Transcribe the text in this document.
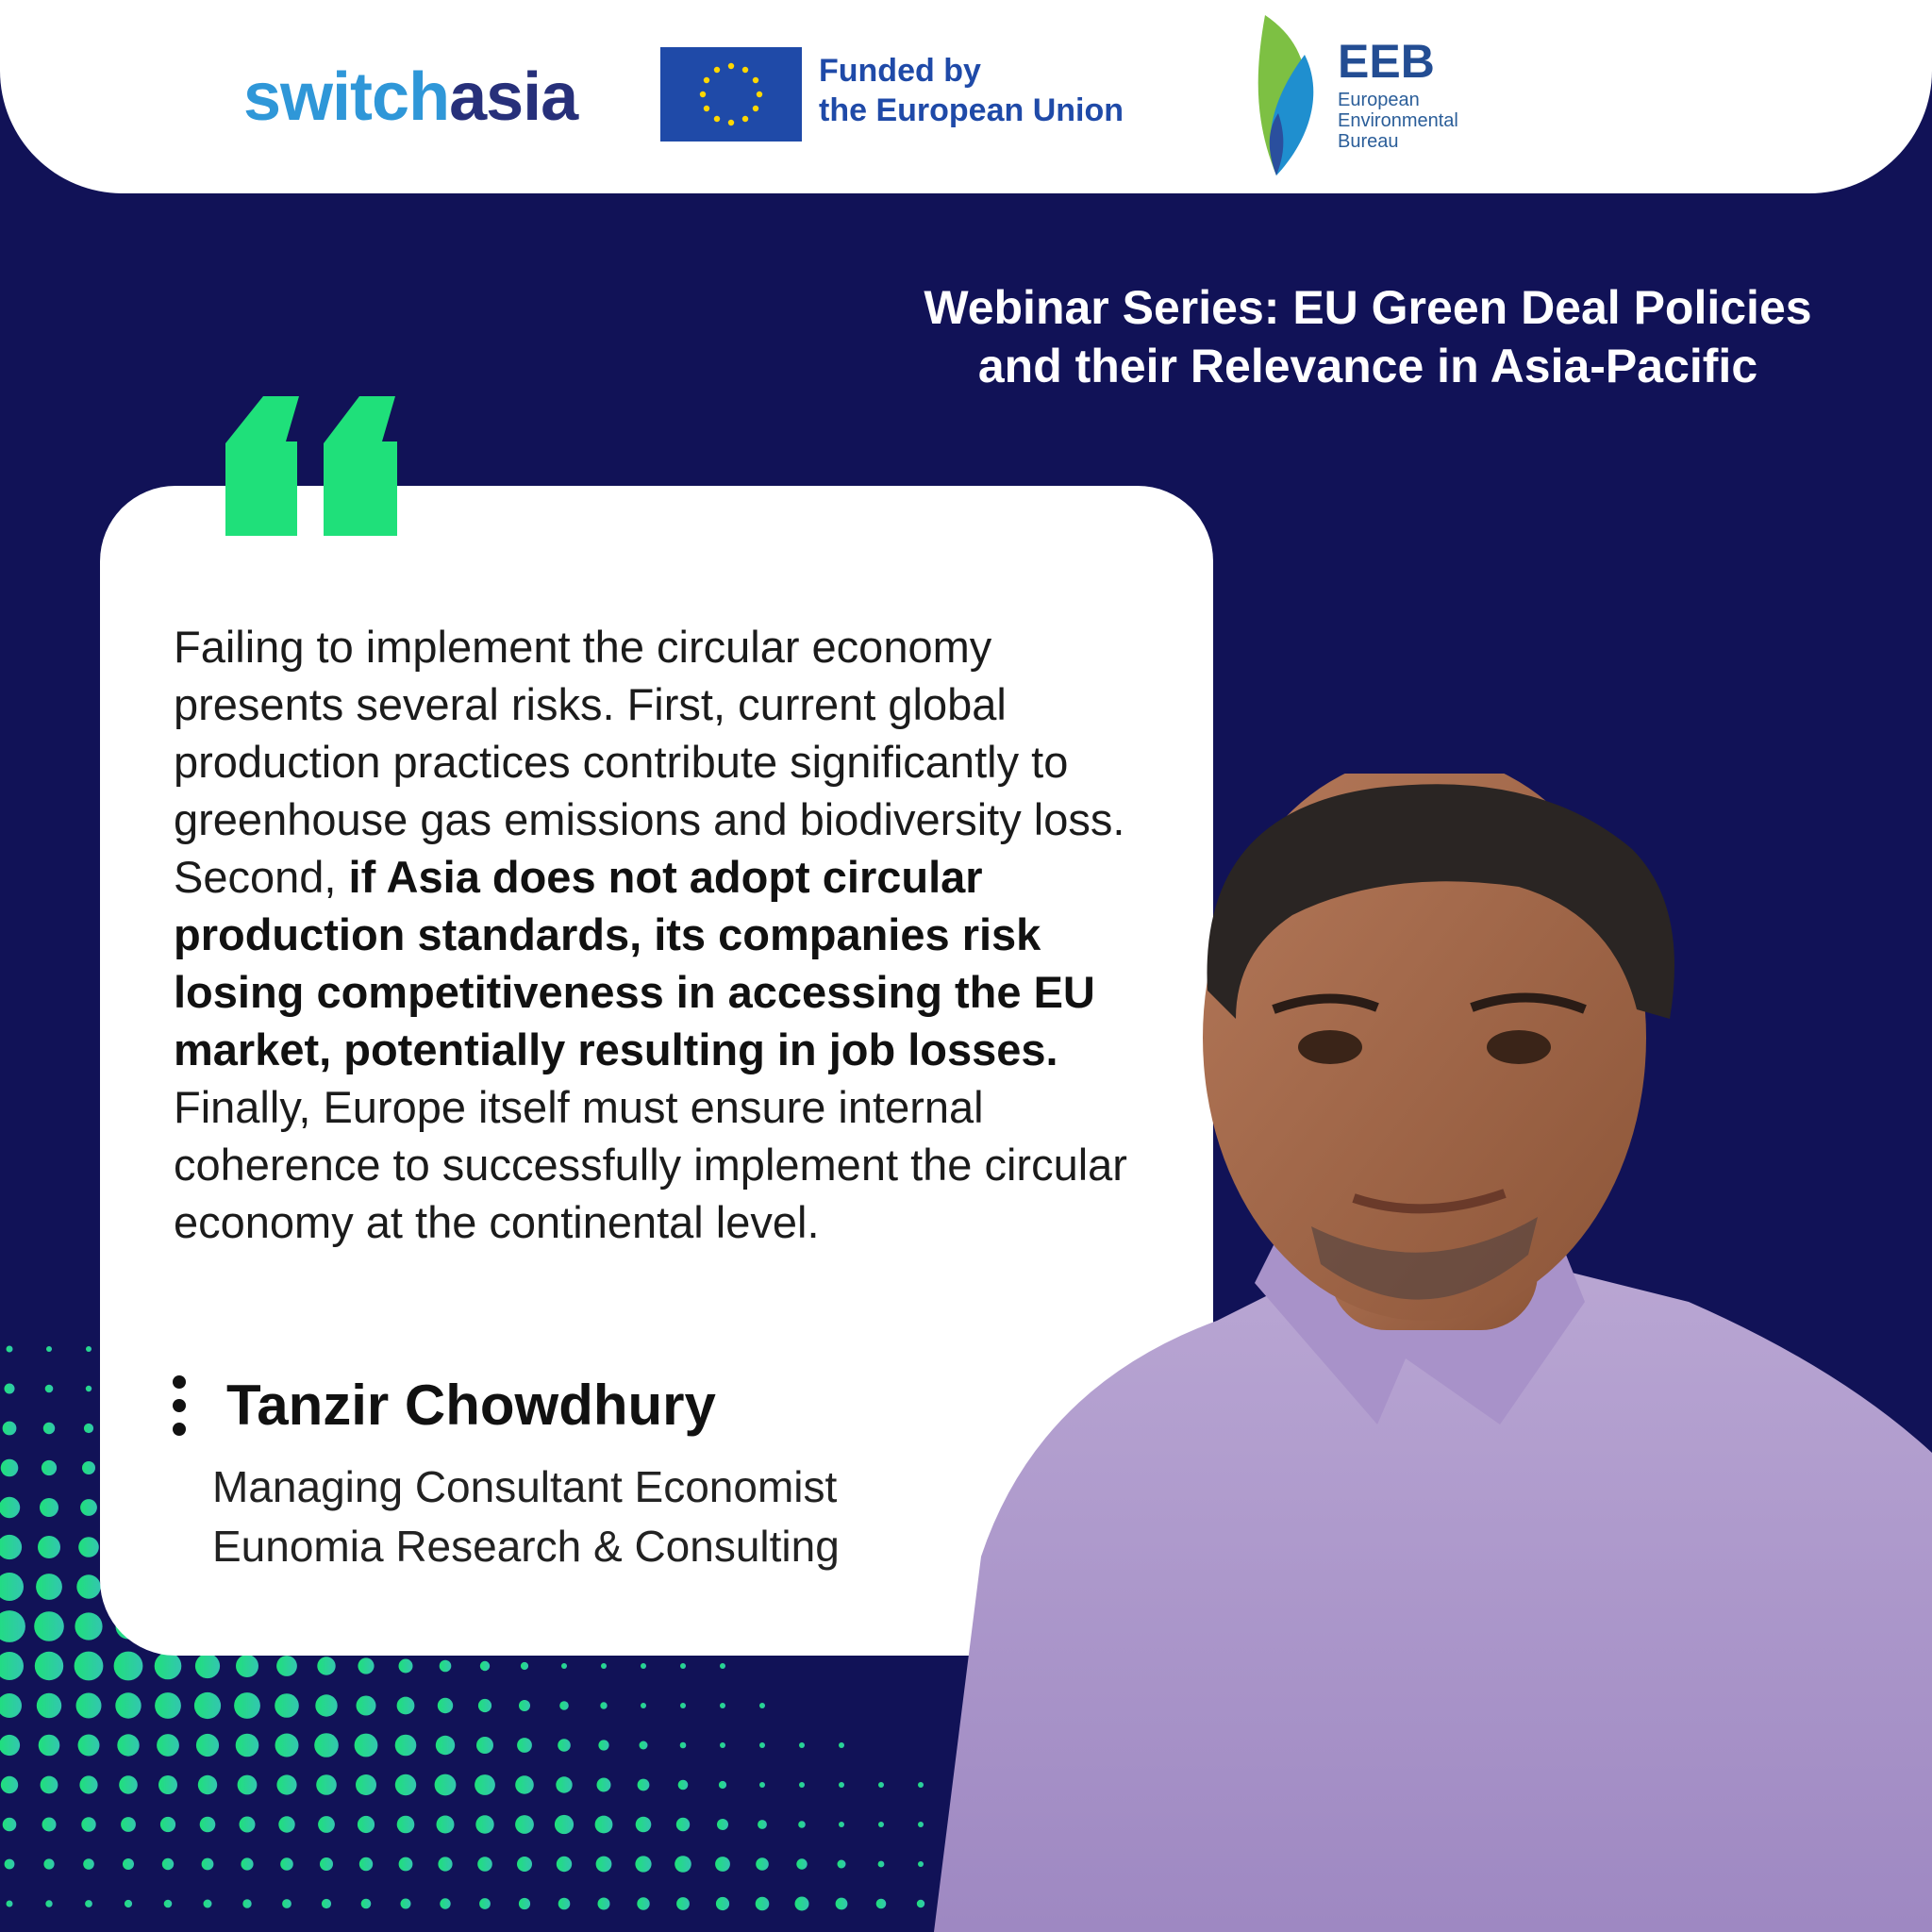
switchasia	Funded by
the European Union
EEB
European
Environmental
Bureau
Webinar Series: EU Green Deal Policies
and their Relevance in Asia-Pacific
Failing to implement the circular economy presents several risks. First, current global production practices contribute significantly to greenhouse gas emissions and biodiversity loss. Second, if Asia does not adopt circular production standards, its companies risk losing competitiveness in accessing the EU market, potentially resulting in job losses. Finally, Europe itself must ensure internal coherence to successfully implement the circular economy at the continental level.
Tanzir Chowdhury
Managing Consultant Economist
Eunomia Research & Consulting
